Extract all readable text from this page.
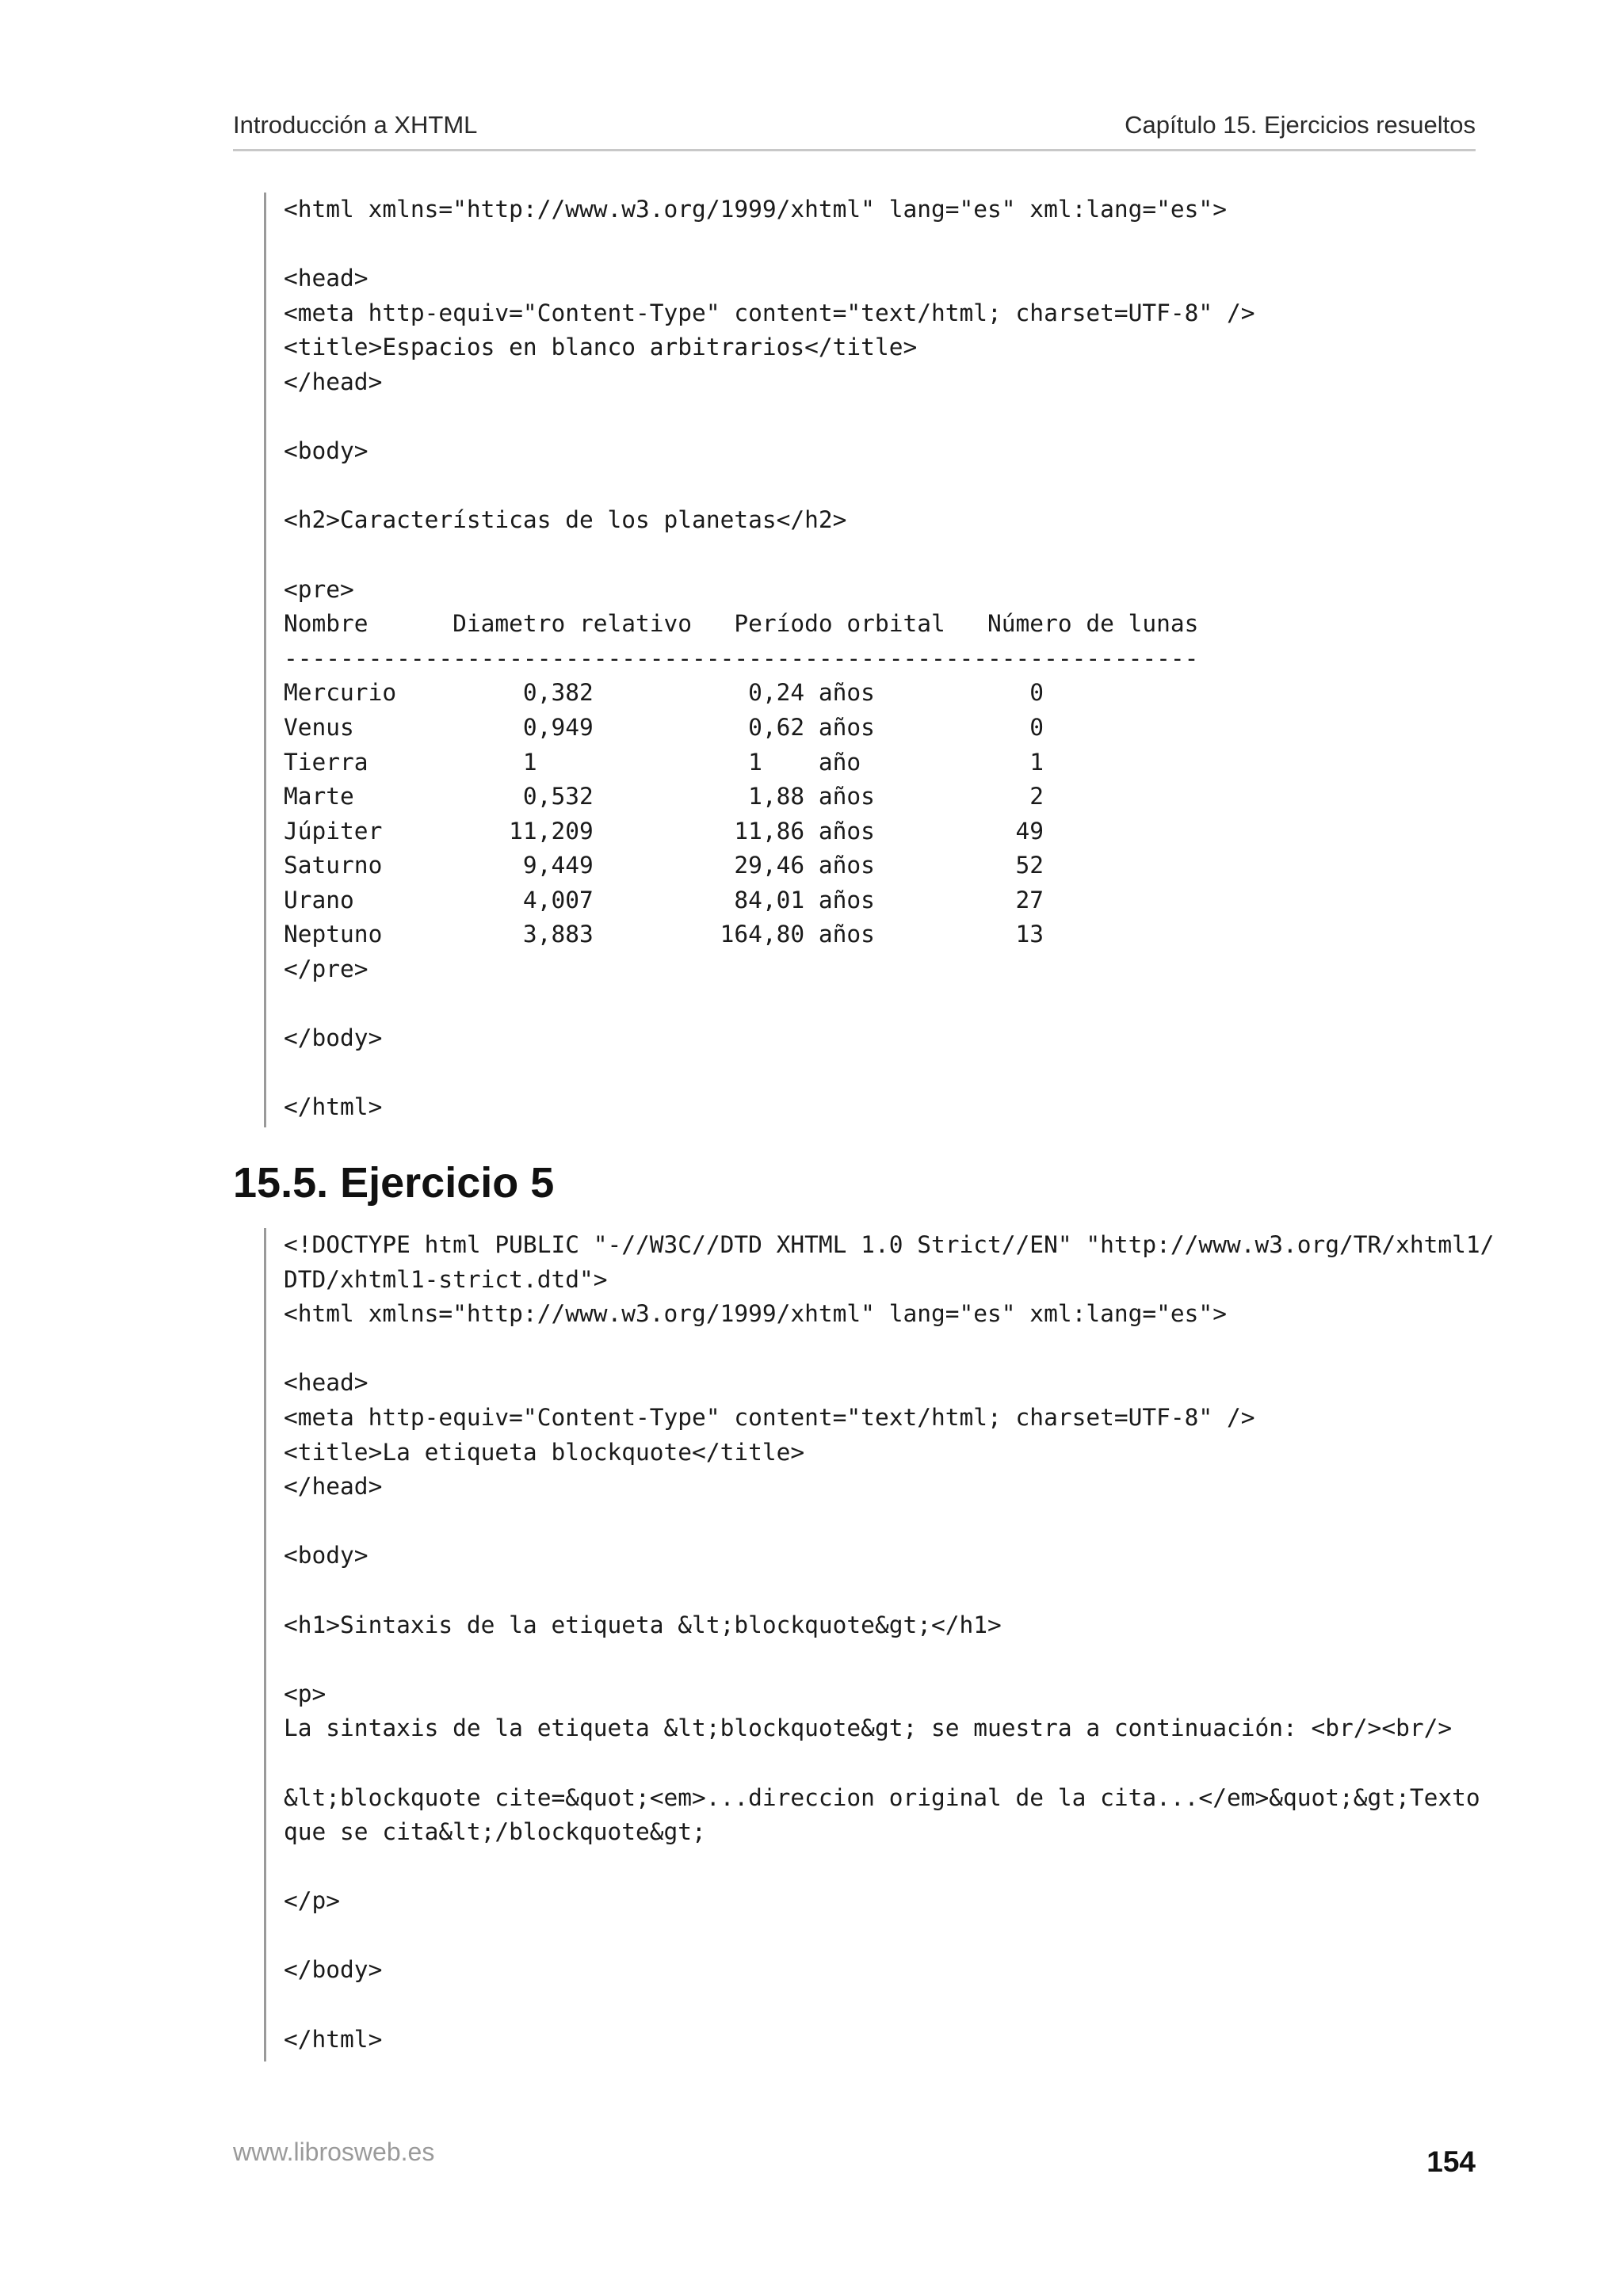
Introducción a XHTML	Capítulo 15. Ejercicios resueltos
<html xmlns="http://www.w3.org/1999/xhtml" lang="es" xml:lang="es">
<head>
<meta http-equiv="Content-Type" content="text/html; charset=UTF-8" />
<title>Espacios en blanco arbitrarios</title>
</head>
<body>
<h2>Características de los planetas</h2>
<pre>
Nombre      Diametro relativo   Período orbital   Número de lunas
-----------------------------------------------------------------
Mercurio         0,382           0,24 años           0
Venus            0,949           0,62 años           0
Tierra           1               1    año            1
Marte            0,532           1,88 años           2
Júpiter         11,209          11,86 años          49
Saturno          9,449          29,46 años          52
Urano            4,007          84,01 años          27
Neptuno          3,883         164,80 años          13
</pre>
</body>
</html>
15.5. Ejercicio 5
<!DOCTYPE html PUBLIC "-//W3C//DTD XHTML 1.0 Strict//EN" "http://www.w3.org/TR/xhtml1/
DTD/xhtml1-strict.dtd">
<html xmlns="http://www.w3.org/1999/xhtml" lang="es" xml:lang="es">
<head>
<meta http-equiv="Content-Type" content="text/html; charset=UTF-8" />
<title>La etiqueta blockquote</title>
</head>
<body>
<h1>Sintaxis de la etiqueta &lt;blockquote&gt;</h1>
<p>
La sintaxis de la etiqueta &lt;blockquote&gt; se muestra a continuación: <br/><br/>
&lt;blockquote cite=&quot;<em>...direccion original de la cita...</em>&quot;&gt;Texto
que se cita&lt;/blockquote&gt;
</p>
</body>
</html>
www.librosweb.es	154
